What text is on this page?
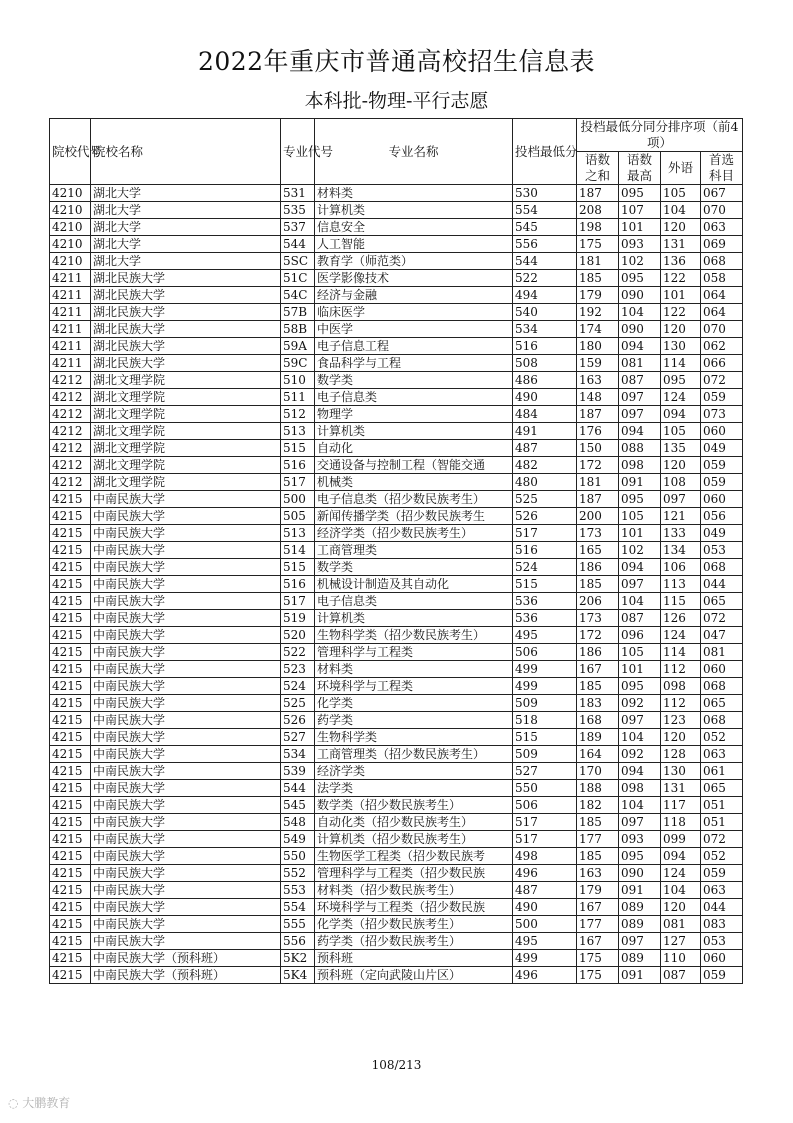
2022年重庆市普通高校招生信息表
本科批-物理-平行志愿
院校代号	院校名称	专业代号	专业名称	投档最低分	投档最低分同分排序项（前4项）			
					语数之和	语数最高	外语	首选科目
4210	湖北大学	531	材料类	530	187	095	105	067
4210	湖北大学	535	计算机类	554	208	107	104	070
4210	湖北大学	537	信息安全	545	198	101	120	063
4210	湖北大学	544	人工智能	556	175	093	131	069
4210	湖北大学	5SC	教育学（师范类）	544	181	102	136	068
4211	湖北民族大学	51C	医学影像技术	522	185	095	122	058
4211	湖北民族大学	54C	经济与金融	494	179	090	101	064
4211	湖北民族大学	57B	临床医学	540	192	104	122	064
4211	湖北民族大学	58B	中医学	534	174	090	120	070
4211	湖北民族大学	59A	电子信息工程	516	180	094	130	062
4211	湖北民族大学	59C	食品科学与工程	508	159	081	114	066
4212	湖北文理学院	510	数学类	486	163	087	095	072
4212	湖北文理学院	511	电子信息类	490	148	097	124	059
4212	湖北文理学院	512	物理学	484	187	097	094	073
4212	湖北文理学院	513	计算机类	491	176	094	105	060
4212	湖北文理学院	515	自动化	487	150	088	135	049
4212	湖北文理学院	516	交通设备与控制工程（智能交通	482	172	098	120	059
4212	湖北文理学院	517	机械类	480	181	091	108	059
4215	中南民族大学	500	电子信息类（招少数民族考生）	525	187	095	097	060
4215	中南民族大学	505	新闻传播学类（招少数民族考生	526	200	105	121	056
4215	中南民族大学	513	经济学类（招少数民族考生）	517	173	101	133	049
4215	中南民族大学	514	工商管理类	516	165	102	134	053
4215	中南民族大学	515	数学类	524	186	094	106	068
4215	中南民族大学	516	机械设计制造及其自动化	515	185	097	113	044
4215	中南民族大学	517	电子信息类	536	206	104	115	065
4215	中南民族大学	519	计算机类	536	173	087	126	072
4215	中南民族大学	520	生物科学类（招少数民族考生）	495	172	096	124	047
4215	中南民族大学	522	管理科学与工程类	506	186	105	114	081
4215	中南民族大学	523	材料类	499	167	101	112	060
4215	中南民族大学	524	环境科学与工程类	499	185	095	098	068
4215	中南民族大学	525	化学类	509	183	092	112	065
4215	中南民族大学	526	药学类	518	168	097	123	068
4215	中南民族大学	527	生物科学类	515	189	104	120	052
4215	中南民族大学	534	工商管理类（招少数民族考生）	509	164	092	128	063
4215	中南民族大学	539	经济学类	527	170	094	130	061
4215	中南民族大学	544	法学类	550	188	098	131	065
4215	中南民族大学	545	数学类（招少数民族考生）	506	182	104	117	051
4215	中南民族大学	548	自动化类（招少数民族考生）	517	185	097	118	051
4215	中南民族大学	549	计算机类（招少数民族考生）	517	177	093	099	072
4215	中南民族大学	550	生物医学工程类（招少数民族考	498	185	095	094	052
4215	中南民族大学	552	管理科学与工程类（招少数民族	496	163	090	124	059
4215	中南民族大学	553	材料类（招少数民族考生）	487	179	091	104	063
4215	中南民族大学	554	环境科学与工程类（招少数民族	490	167	089	120	044
4215	中南民族大学	555	化学类（招少数民族考生）	500	177	089	081	083
4215	中南民族大学	556	药学类（招少数民族考生）	495	167	097	127	053
4215	中南民族大学（预科班）	5K2	预科班	499	175	089	110	060
4215	中南民族大学（预科班）	5K4	预科班（定向武陵山片区）	496	175	091	087	059
108/213
◌ 大鹏教育
